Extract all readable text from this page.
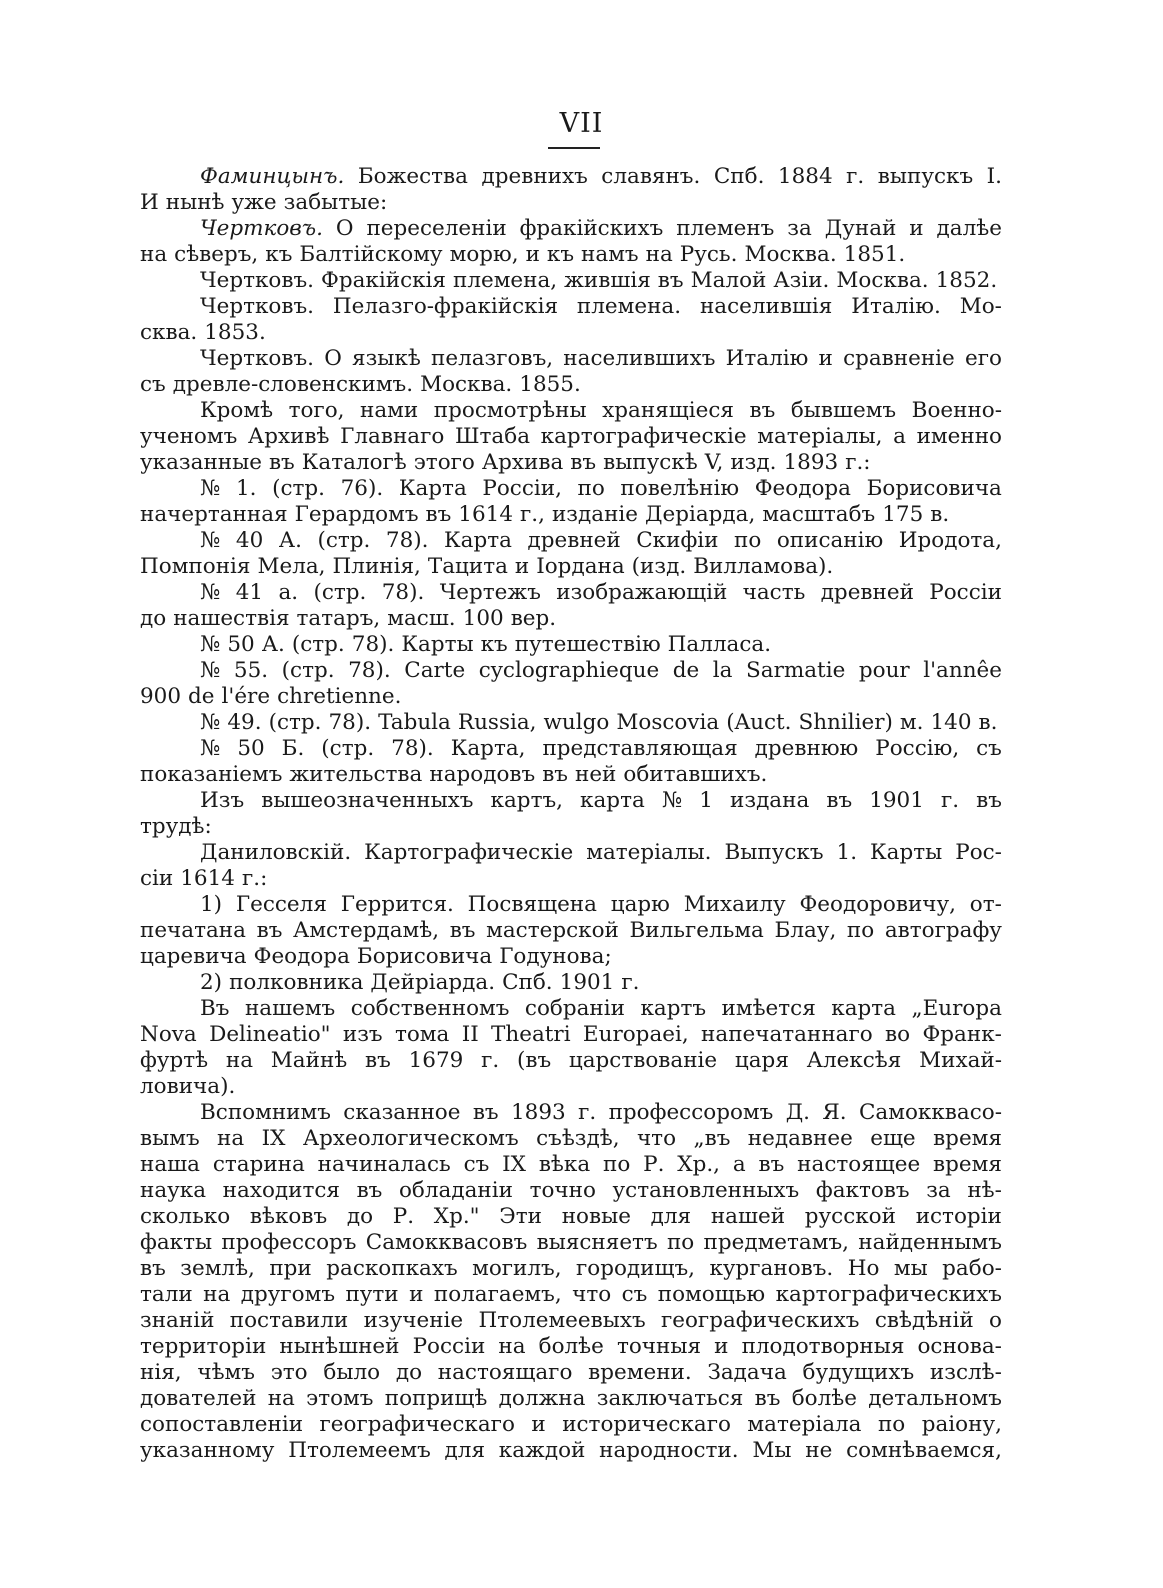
VII
Фаминцынъ. Божества древнихъ славянъ. Спб. 1884 г. выпускъ I.
И нынѣ уже забытые:
Чертковъ. О переселеніи фракійскихъ племенъ за Дунай и далѣе
на сѣверъ, къ Балтійскому морю, и къ намъ на Русь. Москва. 1851.
Чертковъ. Фракійскія племена, жившія въ Малой Азіи. Москва. 1852.
Чертковъ. Пелазго-фракійскія племена. населившія Италію. Мо-
сква. 1853.
Чертковъ. О языкѣ пелазговъ, населившихъ Италію и сравненіе его
съ древле-словенскимъ. Москва. 1855.
Кромѣ того, нами просмотрѣны хранящіеся въ бывшемъ Военно-
ученомъ Архивѣ Главнаго Штаба картографическіе матеріалы, а именно
указанные въ Каталогѣ этого Архива въ выпускѣ V, изд. 1893 г.:
№ 1. (стр. 76). Карта Россіи, по повелѣнію Феодора Борисовича
начертанная Герардомъ въ 1614 г., изданіе Деріарда, масштабъ 175 в.
№ 40 А. (стр. 78). Карта древней Скифіи по описанію Иродота,
Помпонія Мела, Плинія, Тацита и Іордана (изд. Вилламова).
№ 41 а. (стр. 78). Чертежъ изображающій часть древней Россіи
до нашествія татаръ, масш. 100 вер.
№ 50 А. (стр. 78). Карты къ путешествію Палласа.
№ 55. (стр. 78). Carte cyclographieque de la Sarmatie pour l'annêe
900 de l'ére chretienne.
№ 49. (стр. 78). Tabula Russia, wulgo Moscovia (Auct. Shnilier) м. 140 в.
№ 50 Б. (стр. 78). Карта, представляющая древнюю Россію, съ
показаніемъ жительства народовъ въ ней обитавшихъ.
Изъ вышеозначенныхъ картъ, карта № 1 издана въ 1901 г. въ
трудѣ:
Даниловскій. Картографическіе матеріалы. Выпускъ 1. Карты Рос-
сіи 1614 г.:
1) Гесселя Геррится. Посвящена царю Михаилу Феодоровичу, от-
печатана въ Амстердамѣ, въ мастерской Вильгельма Блау, по автографу
царевича Феодора Борисовича Годунова;
2) полковника Дейріарда. Спб. 1901 г.
Въ нашемъ собственномъ собраніи картъ имѣется карта „Europa
Nova Delineatio" изъ тома II Theatri Europaei, напечатаннаго во Франк-
фуртѣ на Майнѣ въ 1679 г. (въ царствованіе царя Алексѣя Михай-
ловича).
Вспомнимъ сказанное въ 1893 г. профессоромъ Д. Я. Самокквасо-
вымъ на IX Археологическомъ съѣздѣ, что „въ недавнее еще время
наша старина начиналась съ IX вѣка по Р. Хр., а въ настоящее время
наука находится въ обладаніи точно установленныхъ фактовъ за нѣ-
сколько вѣковъ до Р. Хр." Эти новые для нашей русской исторіи
факты профессоръ Самокквасовъ выясняетъ по предметамъ, найденнымъ
въ землѣ, при раскопкахъ могилъ, городищъ, кургановъ. Но мы рабо-
тали на другомъ пути и полагаемъ, что съ помощью картографическихъ
знаній поставили изученіе Птолемеевыхъ географическихъ свѣдѣній о
территоріи нынѣшней Россіи на болѣе точныя и плодотворныя основа-
нія, чѣмъ это было до настоящаго времени. Задача будущихъ изслѣ-
дователей на этомъ поприщѣ должна заключаться въ болѣе детальномъ
сопоставленіи географическаго и историческаго матеріала по раіону,
указанному Птолемеемъ для каждой народности. Мы не сомнѣваемся,
